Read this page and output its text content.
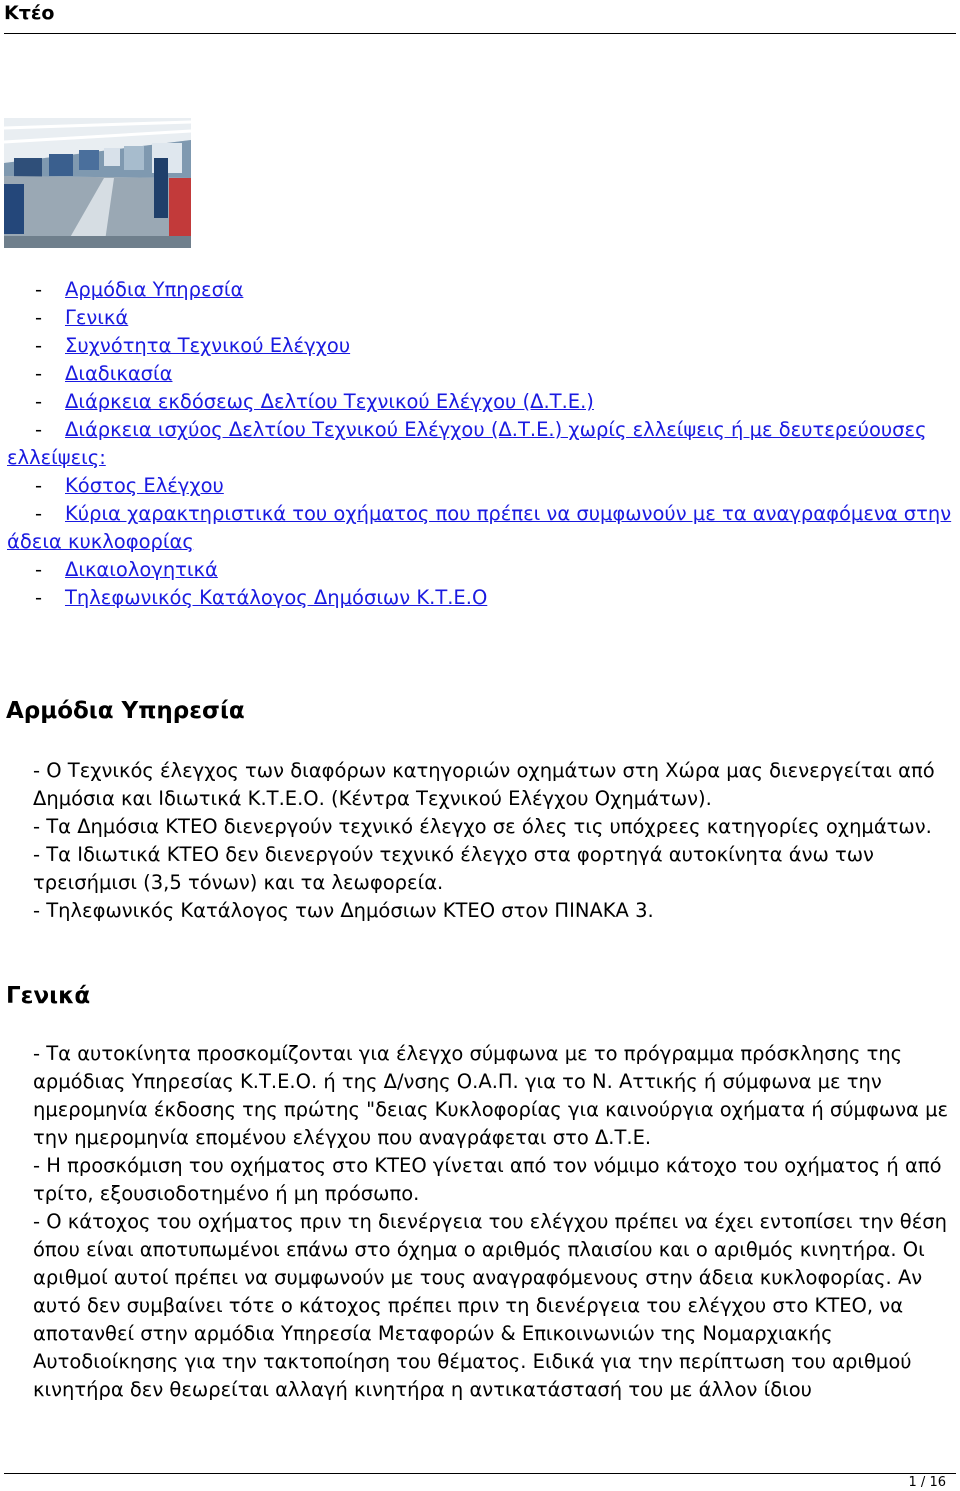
Κτέο
- Αρμόδια Υπηρεσία
- Γενικά
- Συχνότητα Τεχνικού Ελέγχου
- Διαδικασία
- Διάρκεια εκδόσεως Δελτίου Τεχνικού Ελέγχου (Δ.Τ.Ε.)
- Διάρκεια ισχύος Δελτίου Τεχνικού Ελέγχου (Δ.Τ.Ε.) χωρίς ελλείψεις ή με δευτερεύουσες ελλείψεις:
- Κόστος Ελέγχου
- Κύρια χαρακτηριστικά του οχήματος που πρέπει να συμφωνούν με τα αναγραφόμενα στην άδεια κυκλοφορίας
- Δικαιολογητικά
- Τηλεφωνικός Κατάλογος Δημόσιων Κ.Τ.Ε.Ο
Αρμόδια Υπηρεσία

- Ο Τεχνικός έλεγχος των διαφόρων κατηγοριών οχημάτων στη Χώρα μας διενεργείται από Δημόσια και Ιδιωτικά Κ.Τ.Ε.Ο. (Κέντρα Τεχνικού Ελέγχου Οχημάτων).

- Τα Δημόσια ΚΤΕΟ διενεργούν τεχνικό έλεγχο σε όλες τις υπόχρεες κατηγορίες οχημάτων.

- Τα Ιδιωτικά ΚΤΕΟ δεν διενεργούν τεχνικό έλεγχο στα φορτηγά αυτοκίνητα άνω των τρεισήμισι (3,5 τόνων) και τα λεωφορεία.

- Τηλεφωνικός Κατάλογος των Δημόσιων ΚΤΕΟ στον ΠΙΝΑΚΑ 3.

Γενικά

- Τα αυτοκίνητα προσκομίζονται για έλεγχο σύμφωνα με το πρόγραμμα πρόσκλησης της αρμόδιας Υπηρεσίας Κ.Τ.Ε.Ο. ή της Δ/νσης Ο.Α.Π. για το Ν. Αττικής ή σύμφωνα με την ημερομηνία έκδοσης της πρώτης "δειας Κυκλοφορίας για καινούργια οχήματα ή σύμφωνα με την ημερομηνία επομένου ελέγχου που αναγράφεται στο Δ.Τ.Ε.

- Η προσκόμιση του οχήματος στο ΚΤΕΟ γίνεται από τον νόμιμο κάτοχο του οχήματος ή από τρίτο, εξουσιοδοτημένο ή μη πρόσωπο.

- Ο κάτοχος του οχήματος πριν τη διενέργεια του ελέγχου πρέπει να έχει εντοπίσει την θέση όπου είναι αποτυπωμένοι επάνω στο όχημα ο αριθμός πλαισίου και ο αριθμός κινητήρα. Οι αριθμοί αυτοί πρέπει να συμφωνούν με τους αναγραφόμενους στην άδεια κυκλοφορίας. Αν αυτό δεν συμβαίνει τότε ο κάτοχος πρέπει πριν τη διενέργεια του ελέγχου στο ΚΤΕΟ, να αποτανθεί στην αρμόδια Υπηρεσία Μεταφορών & Επικοινωνιών της Νομαρχιακής Αυτοδιοίκησης για την τακτοποίηση του θέματος. Ειδικά για την περίπτωση του αριθμού κινητήρα δεν θεωρείται αλλαγή κινητήρα η αντικατάστασή του με άλλον ίδιου

1 / 16
